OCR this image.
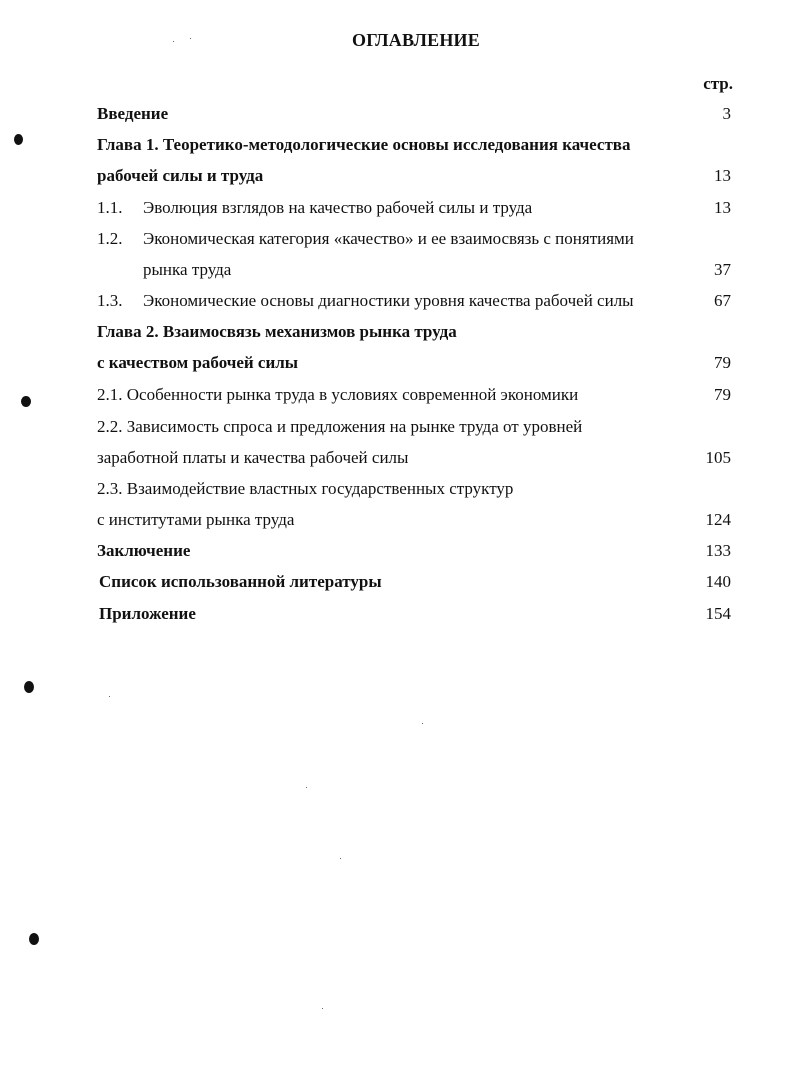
ОГЛАВЛЕНИЕ
стр.
Введение	3
Глава 1. Теоретико-методологические основы исследования качества
рабочей силы и труда	13
1.1. Эволюция взглядов на качество рабочей силы и труда	13
1.2. Экономическая категория «качество» и ее взаимосвязь с понятиями
рынка труда	37
1.3. Экономические основы диагностики уровня качества рабочей силы	67
Глава 2. Взаимосвязь механизмов рынка труда
с качеством рабочей силы	79
2.1. Особенности рынка труда в условиях современной экономики	79
2.2. Зависимость спроса и предложения на рынке труда от уровней
заработной платы и качества рабочей силы	105
2.3. Взаимодействие властных государственных структур
с институтами рынка труда	124
Заключение	133
Список использованной литературы	140
Приложение	154
